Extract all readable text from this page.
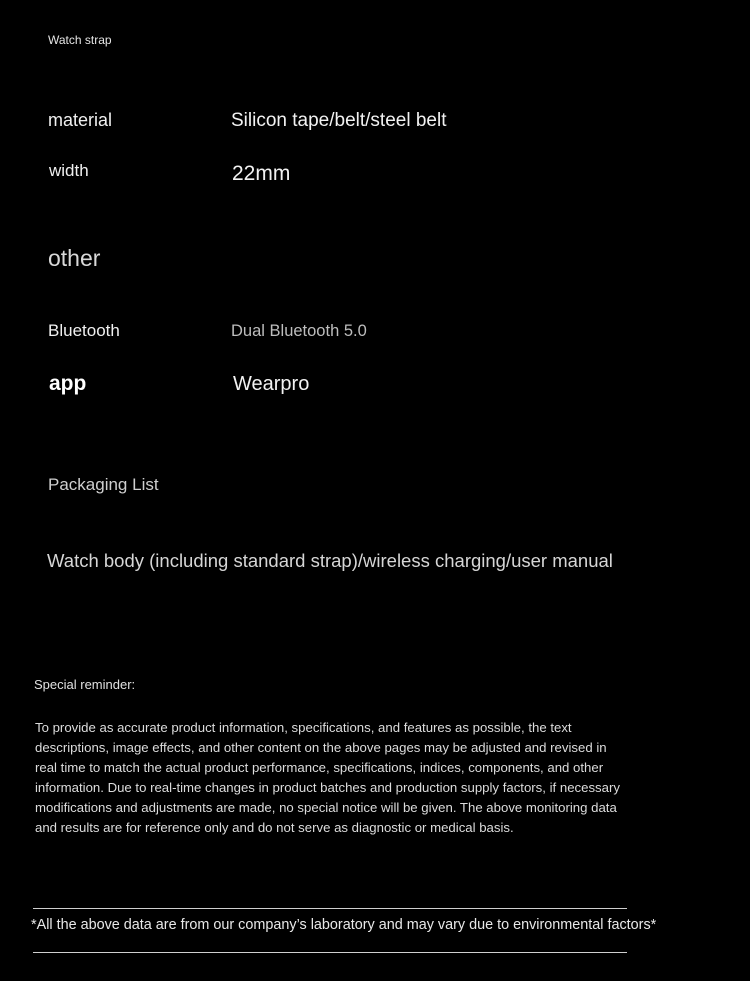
Watch strap
material	Silicon tape/belt/steel belt
width	22mm
other
Bluetooth	Dual Bluetooth 5.0
app	Wearpro
Packaging List
Watch body (including standard strap)/wireless charging/user manual
Special reminder:
To provide as accurate product information, specifications, and features as possible, the text descriptions, image effects, and other content on the above pages may be adjusted and revised in real time to match the actual product performance, specifications, indices, components, and other information. Due to real-time changes in product batches and production supply factors, if necessary modifications and adjustments are made, no special notice will be given. The above monitoring data and results are for reference only and do not serve as diagnostic or medical basis.
*All the above data are from our company’s laboratory and may vary due to environmental factors*
